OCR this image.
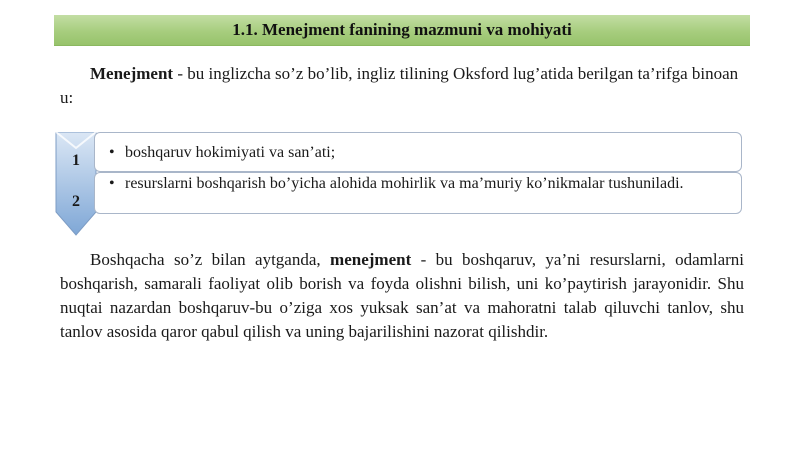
1.1. Menejment fanining mazmuni va mohiyati

Menejment - bu inglizcha so’z bo’lib, ingliz tilining Oksford lug’atida berilgan ta’rifga binoan u:

1
2
• boshqaruv hokimiyati va san’ati;
• resurslarni boshqarish bo’yicha alohida mohirlik va ma’muriy ko’nikmalar tushuniladi.

Boshqacha so’z bilan aytganda, menejment - bu boshqaruv, ya’ni resurslarni, odamlarni boshqarish, samarali faoliyat olib borish va foyda olishni bilish, uni ko’paytirish jarayonidir. Shu nuqtai nazardan boshqaruv-bu o’ziga xos yuksak san’at va mahoratni talab qiluvchi tanlov, shu tanlov asosida qaror qabul qilish va uning bajarilishini nazorat qilishdir.
